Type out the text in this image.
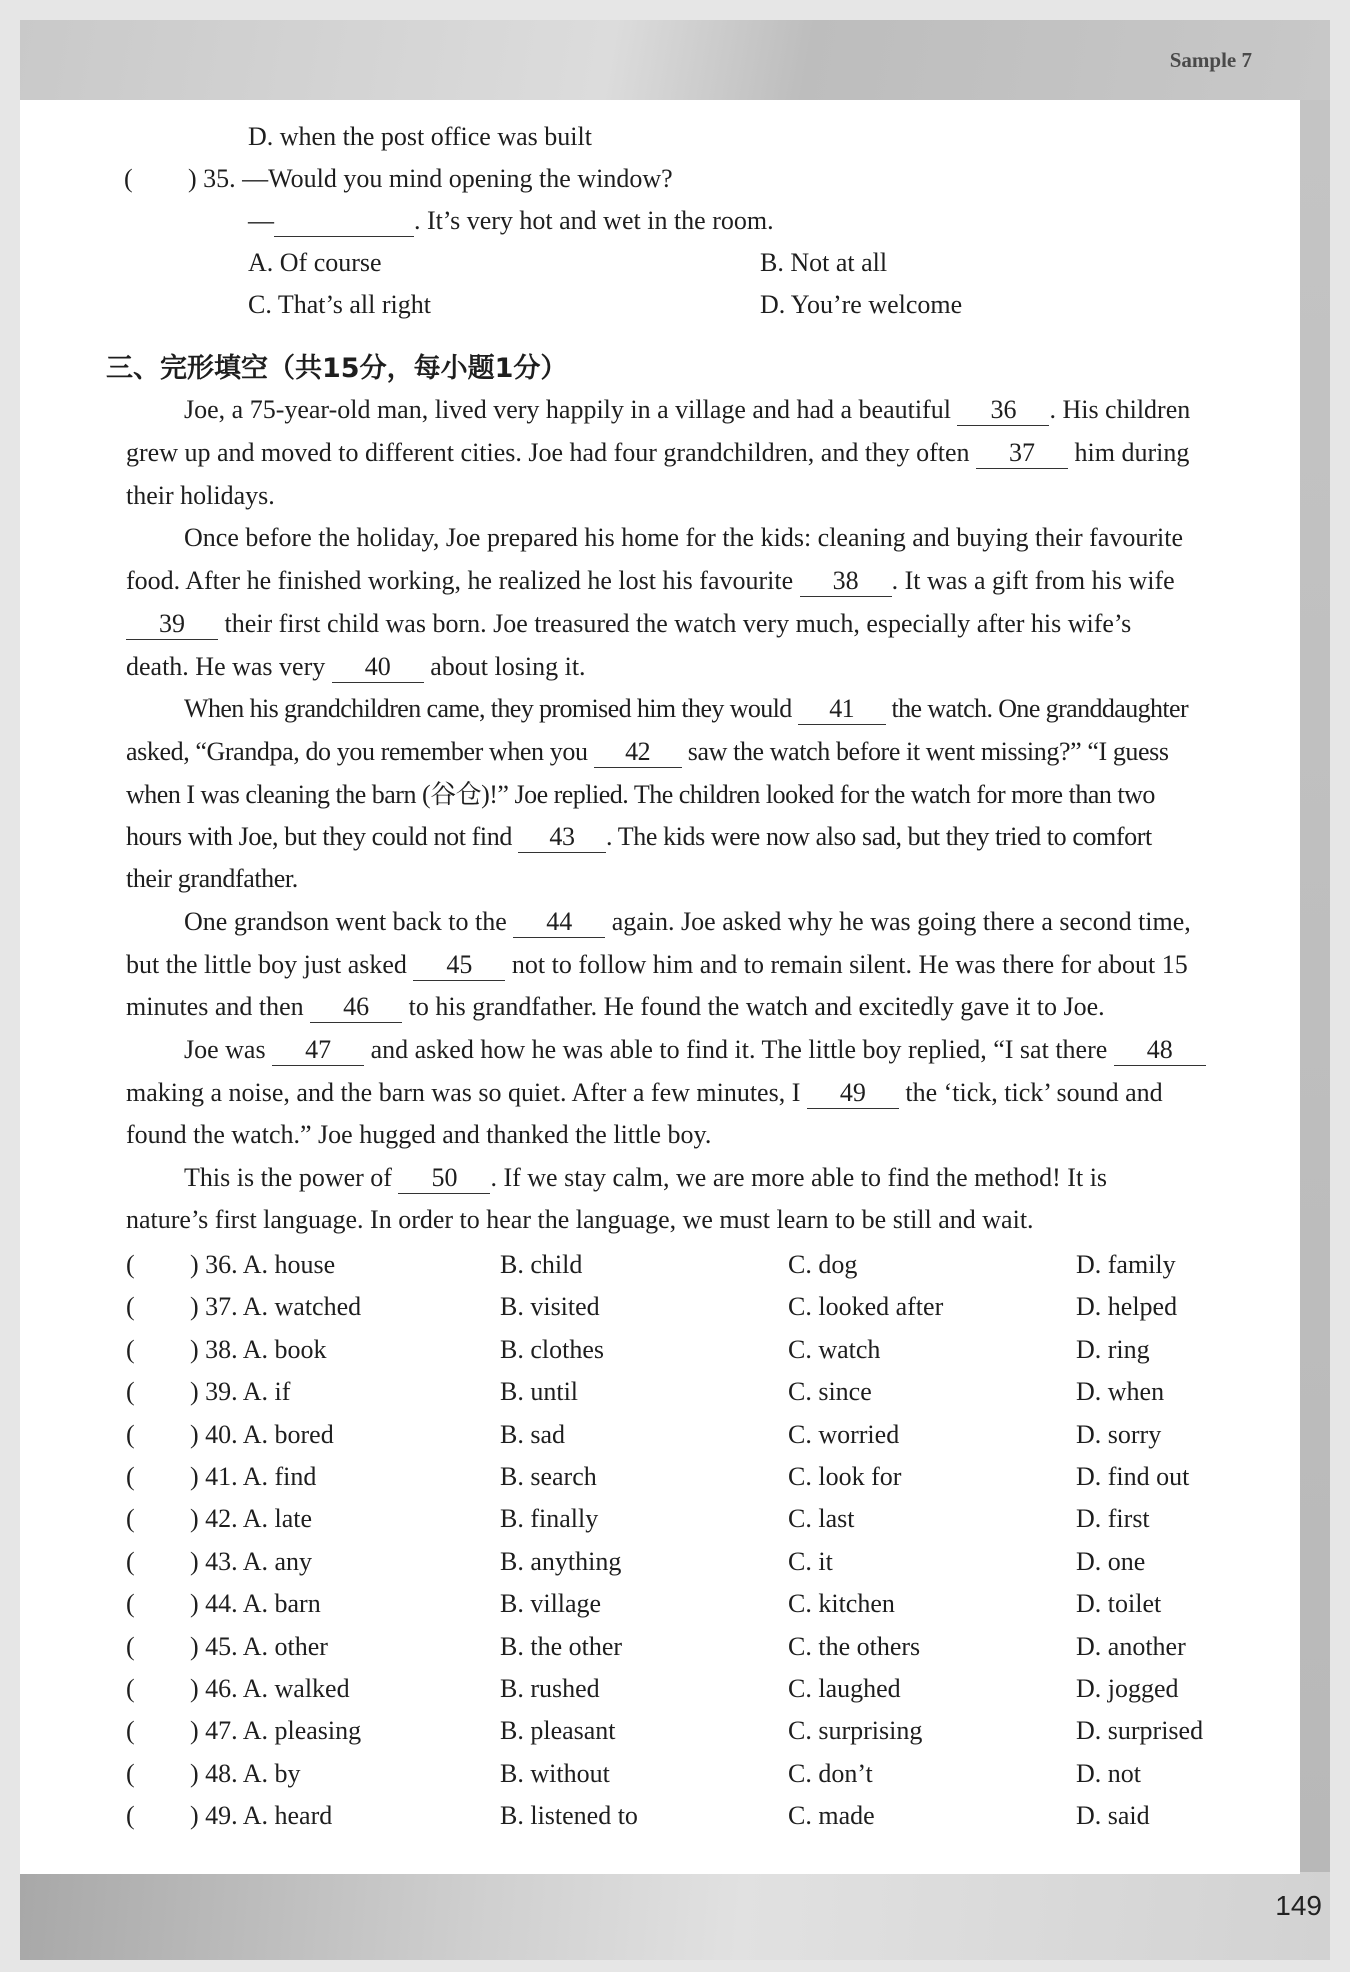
Sample 7
149
D. when the post office was built
( ) 35. —Would you mind opening the window?
—	. It’s very hot and wet in the room.
A. Of course	B. Not at all
C. That’s all right	D. You’re welcome
三、完形填空（共15分，每小题1分）
Joe, a 75-year-old man, lived very happily in a village and had a beautiful 36 . His children
grew up and moved to different cities. Joe had four grandchildren, and they often 37 him during
their holidays.
Once before the holiday, Joe prepared his home for the kids: cleaning and buying their favourite
food. After he finished working, he realized he lost his favourite 38 . It was a gift from his wife
39 their first child was born. Joe treasured the watch very much, especially after his wife’s
death. He was very 40 about losing it.
When his grandchildren came, they promised him they would 41 the watch. One granddaughter
asked, “Grandpa, do you remember when you 42 saw the watch before it went missing?” “I guess
when I was cleaning the barn (谷仓)!” Joe replied. The children looked for the watch for more than two
hours with Joe, but they could not find 43 . The kids were now also sad, but they tried to comfort
their grandfather.
One grandson went back to the 44 again. Joe asked why he was going there a second time,
but the little boy just asked 45 not to follow him and to remain silent. He was there for about 15
minutes and then 46 to his grandfather. He found the watch and excitedly gave it to Joe.
Joe was 47 and asked how he was able to find it. The little boy replied, “I sat there 48
making a noise, and the barn was so quiet. After a few minutes, I 49 the ‘tick, tick’ sound and
found the watch.” Joe hugged and thanked the little boy.
This is the power of 50 . If we stay calm, we are more able to find the method! It is
nature’s first language. In order to hear the language, we must learn to be still and wait.
( ) 36. A. house	B. child	C. dog	D. family
( ) 37. A. watched	B. visited	C. looked after	D. helped
( ) 38. A. book	B. clothes	C. watch	D. ring
( ) 39. A. if	B. until	C. since	D. when
( ) 40. A. bored	B. sad	C. worried	D. sorry
( ) 41. A. find	B. search	C. look for	D. find out
( ) 42. A. late	B. finally	C. last	D. first
( ) 43. A. any	B. anything	C. it	D. one
( ) 44. A. barn	B. village	C. kitchen	D. toilet
( ) 45. A. other	B. the other	C. the others	D. another
( ) 46. A. walked	B. rushed	C. laughed	D. jogged
( ) 47. A. pleasing	B. pleasant	C. surprising	D. surprised
( ) 48. A. by	B. without	C. don’t	D. not
( ) 49. A. heard	B. listened to	C. made	D. said
